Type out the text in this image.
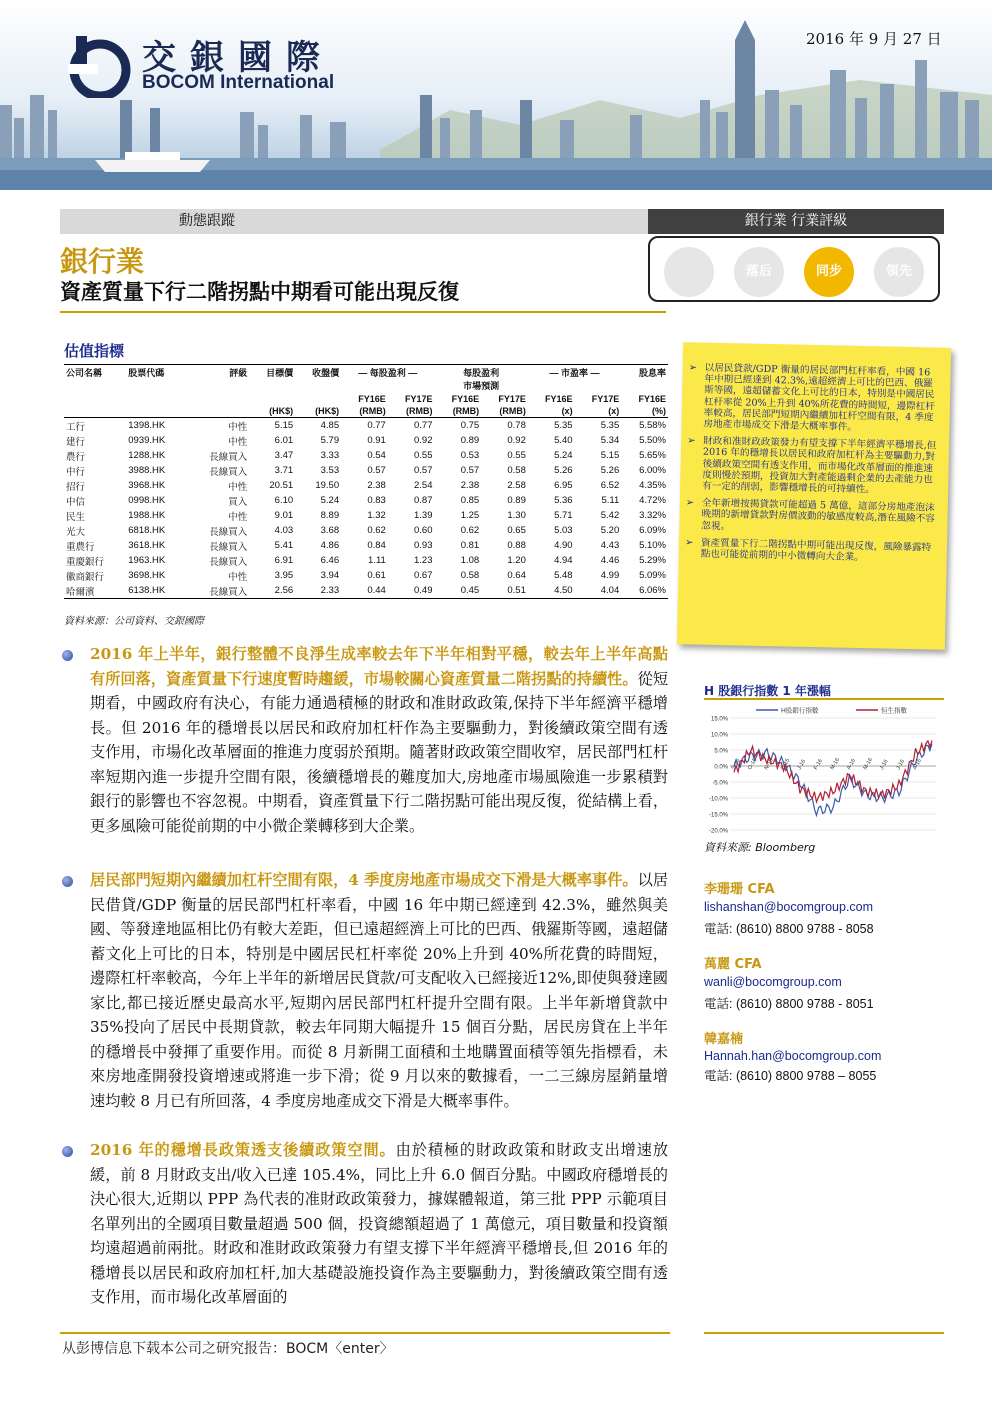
交銀國際
BOCOM International
2016 年 9 月 27 日
動態跟蹤	銀行業 行業評級
銀行業
資產質量下行二階拐點中期看可能出現反復
落后	同步	領先
估值指標
公司名稱	股票代碼	評級	目標價	收盤價	— 每股盈利 —		每股盈利
市場預測		— 市盈率 —		股息率
					FY16E	FY17E	FY16E	FY17E	FY16E	FY17E	FY16E
			(HK$)	(HK$)	(RMB)	(RMB)	(RMB)	(RMB)	(x)	(x)	(%)
工行	1398.HK	中性	5.15	4.85	0.77	0.77	0.75	0.78	5.35	5.35	5.58%
建行	0939.HK	中性	6.01	5.79	0.91	0.92	0.89	0.92	5.40	5.34	5.50%
農行	1288.HK	長線買入	3.47	3.33	0.54	0.55	0.53	0.55	5.24	5.15	5.65%
中行	3988.HK	長線買入	3.71	3.53	0.57	0.57	0.57	0.58	5.26	5.26	6.00%
招行	3968.HK	中性	20.51	19.50	2.38	2.54	2.38	2.58	6.95	6.52	4.35%
中信	0998.HK	買入	6.10	5.24	0.83	0.87	0.85	0.89	5.36	5.11	4.72%
民生	1988.HK	中性	9.01	8.89	1.32	1.39	1.25	1.30	5.71	5.42	3.32%
光大	6818.HK	長線買入	4.03	3.68	0.62	0.60	0.62	0.65	5.03	5.20	6.09%
重農行	3618.HK	長線買入	5.41	4.86	0.84	0.93	0.81	0.88	4.90	4.43	5.10%
重慶銀行	1963.HK	長線買入	6.91	6.46	1.11	1.23	1.08	1.20	4.94	4.46	5.29%
徽商銀行	3698.HK	中性	3.95	3.94	0.61	0.67	0.58	0.64	5.48	4.99	5.09%
哈爾濱	6138.HK	長線買入	2.56	2.33	0.44	0.49	0.45	0.51	4.50	4.04	6.06%
資料來源：公司資料、交銀國際
➢ 以居民貸款/GDP 衡量的居民部門杠杆率看，中國 16 年中期已經達到 42.3%,遠超經濟上可比的巴西、俄羅斯等國，遠超儲蓄文化上可比的日本，特別是中國居民杠杆率從 20%上升到 40%所花費的時間短，邊際杠杆率較高，居民部門短期內繼續加杠杆空間有限，4 季度房地產市場成交下滑是大概率事件。
➢ 財政和准財政政策發力有望支撐下半年經濟平穩增長,但 2016 年的穩增長以居民和政府加杠杆為主要驅動力,對後續政策空間有透支作用，而市場化改革層面的推進速度則慢於預期，投資加大對產能過剩企業的去產能力也有一定的削弱，影響穩增長的可持續性。
➢ 全年新增按揭貸款可能超過 5 萬億，這部分房地產泡沫晚期的新增貸款對房價波動的敏感度較高,潛在風險不容忽視。
➢ 資產質量下行二階拐點中期可能出現反復，風險暴露特點也可能從前期的中小微轉向大企業。
2016 年上半年，銀行整體不良淨生成率較去年下半年相對平穩，較去年上半年高點有所回落，資產質量下行速度暫時趨緩，市場較關心資產質量二階拐點的持續性。從短期看，中國政府有決心，有能力通過積極的財政和准財政政策,保持下半年經濟平穩增長。但 2016 年的穩增長以居民和政府加杠杆作為主要驅動力，對後續政策空間有透支作用，市場化改革層面的推進力度弱於預期。隨著財政政策空間收窄，居民部門杠杆率短期內進一步提升空間有限，後續穩增長的難度加大,房地產市場風險進一步累積對銀行的影響也不容忽視。中期看，資產質量下行二階拐點可能出現反復，從結構上看，更多風險可能從前期的中小微企業轉移到大企業。
居民部門短期內繼續加杠杆空間有限，4 季度房地產市場成交下滑是大概率事件。以居民借貸/GDP 衡量的居民部門杠杆率看，中國 16 年中期已經達到 42.3%，雖然與美國、等發達地區相比仍有較大差距，但已遠超經濟上可比的巴西、俄羅斯等國，遠超儲蓄文化上可比的日本，特別是中國居民杠杆率從 20%上升到 40%所花費的時間短，邊際杠杆率較高，今年上半年的新增居民貸款/可支配收入已經接近12%,即使與發達國家比,都已接近歷史最高水平,短期內居民部門杠杆提升空間有限。上半年新增貸款中 35%投向了居民中長期貸款，較去年同期大幅提升 15 個百分點，居民房貸在上半年的穩增長中發揮了重要作用。而從 8 月新開工面積和土地購置面積等領先指標看，未來房地產開發投資增速或將進一步下滑；從 9 月以來的數據看，一二三線房屋銷量增速均較 8 月已有所回落，4 季度房地產成交下滑是大概率事件。
2016 年的穩增長政策透支後續政策空間。由於積極的財政政策和財政支出增速放緩，前 8 月財政支出/收入已達 105.4%，同比上升 6.0 個百分點。中國政府穩增長的決心很大,近期以 PPP 為代表的准財政政策發力，據媒體報道，第三批 PPP 示範項目名單列出的全國項目數量超過 500 個，投資總額超過了 1 萬億元，項目數量和投資額均遠超過前兩批。財政和准財政政策發力有望支撐下半年經濟平穩增長,但 2016 年的穩增長以居民和政府加杠杆,加大基礎設施投資作為主要驅動力，對後續政策空間有透支作用，而市場化改革層面的
H 股銀行指數 1 年漲幅
15.0%
10.0%
5.0%
0.0%
-5.0%
-10.0%
-15.0%
-20.0%
S-15 O-15 N-15 D-15 J-16 F-16 M-16 A-16 M-16 J-16 J-16 A-16
H股銀行指數	恒生指數
資料來源: Bloomberg
李珊珊 CFA
lishanshan@bocomgroup.com
電話: (8610) 8800 9788 - 8058
萬麗 CFA
wanli@bocomgroup.com
電話: (8610) 8800 9788 - 8051
韓嘉楠
Hannah.han@bocomgroup.com
電話: (8610) 8800 9788 – 8055
从彭博信息下载本公司之研究报告：BOCM〈enter〉
